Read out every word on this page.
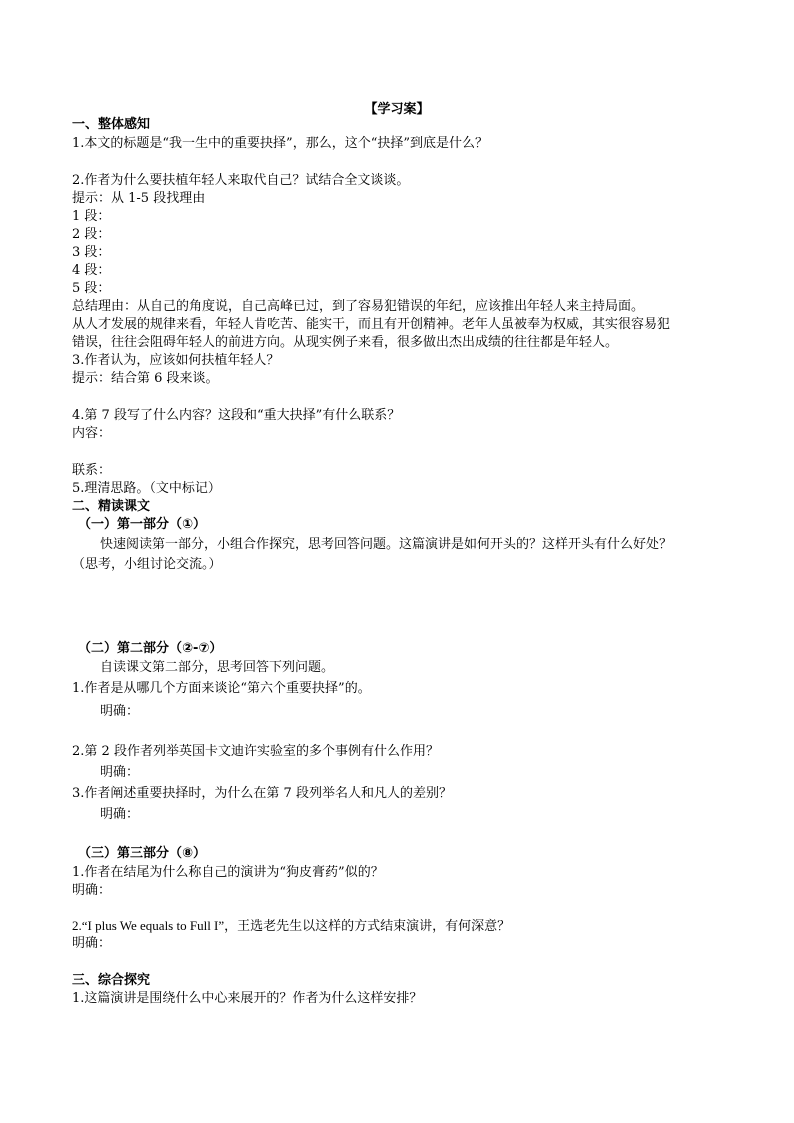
【学习案】
一、整体感知
1.本文的标题是“我一生中的重要抉择”，那么，这个“抉择”到底是什么？
2.作者为什么要扶植年轻人来取代自己？试结合全文谈谈。
提示：从 1-5 段找理由
1 段：
2 段：
3 段：
4 段：
5 段：
总结理由：从自己的角度说，自己高峰已过，到了容易犯错误的年纪，应该推出年轻人来主持局面。
从人才发展的规律来看，年轻人肯吃苦、能实干，而且有开创精神。老年人虽被奉为权威，其实很容易犯
错误，往往会阻碍年轻人的前进方向。从现实例子来看，很多做出杰出成绩的往往都是年轻人。
3.作者认为，应该如何扶植年轻人？
提示：结合第 6 段来谈。
4.第 7 段写了什么内容？这段和“重大抉择”有什么联系？
内容：
联系：
5.理清思路。（文中标记）
二、精读课文
（一）第一部分（①）
快速阅读第一部分，小组合作探究，思考回答问题。这篇演讲是如何开头的？这样开头有什么好处？
（思考，小组讨论交流。）
（二）第二部分（②-⑦）
自读课文第二部分，思考回答下列问题。
1.作者是从哪几个方面来谈论“第六个重要抉择”的。
明确：
2.第 2 段作者列举英国卡文迪许实验室的多个事例有什么作用？
明确：
3.作者阐述重要抉择时，为什么在第 7 段列举名人和凡人的差别？
明确：
（三）第三部分（⑧）
1.作者在结尾为什么称自己的演讲为“狗皮膏药”似的？
明确：
2.“I plus We equals to Full I”，王选老先生以这样的方式结束演讲，有何深意？
明确：
三、综合探究
1.这篇演讲是围绕什么中心来展开的？作者为什么这样安排？
